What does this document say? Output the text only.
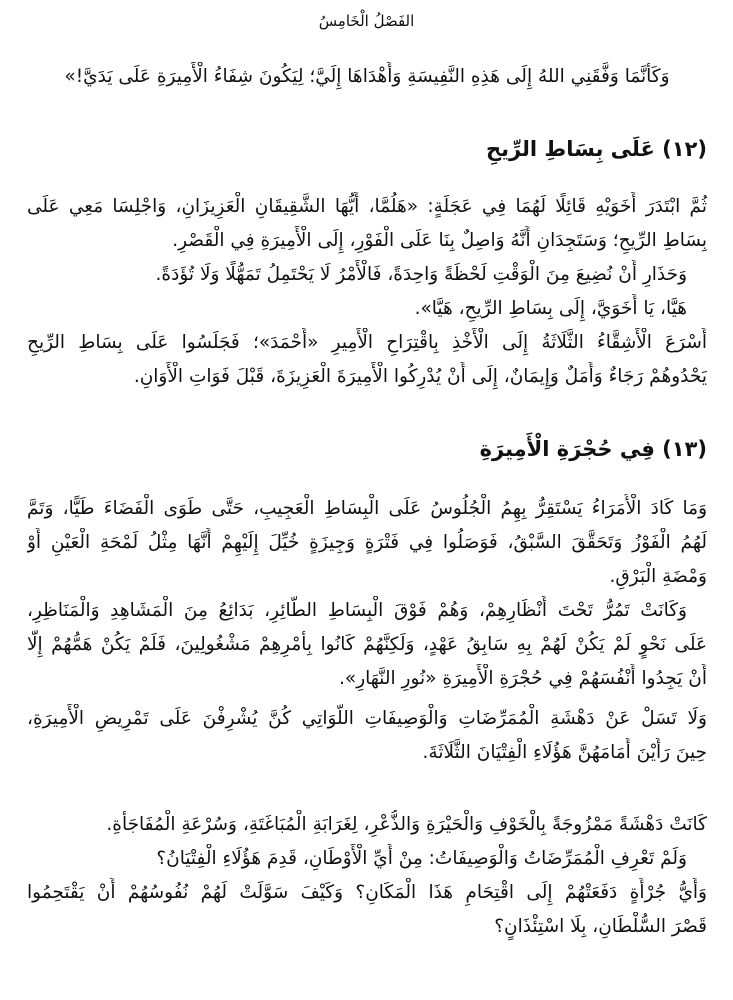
الفَصْلُ الْخَامِسُ
وَكَأَنَّمَا وَفَّقَنِي اللهُ إِلَى هَذِهِ النَّفِيسَةِ وَأَهْدَاهَا إِلَيَّ؛ لِيَكُونَ شِفَاءُ الْأَمِيرَةِ عَلَى يَدَيَّ!»
(١٢) عَلَى بِسَاطِ الرِّيحِ
ثُمَّ ابْتَدَرَ أَخَوَيْهِ قَائِلًا لَهُمَا فِي عَجَلَةٍ: «هَلُمَّا، أَيُّهَا الشَّقِيقَانِ الْعَزِيزَانِ، وَاجْلِسَا مَعِي عَلَى
بِسَاطِ الرِّيحِ؛ وَسَتَجِدَانِ أَنَّهُ وَاصِلٌ بِنَا عَلَى الْفَوْرِ، إِلَى الْأَمِيرَةِ فِي الْقَصْرِ.
وَحَذَارِ أَنْ نُضِيعَ مِنَ الْوَقْتِ لَحْظَةً وَاحِدَةً، فَالْأَمْرُ لَا يَحْتَمِلُ تَمَهُّلًا وَلَا تُؤَدَةً.
هَيَّا، يَا أَخَوَيَّ، إِلَى بِسَاطِ الرِّيحِ، هَيَّا».
أَسْرَعَ الْأَشِقَّاءُ الثَّلَاثَةُ إِلَى الْأَخْذِ بِاقْتِرَاحِ الْأَمِيرِ «أَحْمَدَ»؛ فَجَلَسُوا عَلَى بِسَاطِ الرِّيحِ
يَحْدُوهُمْ رَجَاءٌ وَأَمَلٌ وَإِيمَانٌ، إِلَى أَنْ يُدْرِكُوا الْأَمِيرَةَ الْعَزِيزَةَ، قَبْلَ فَوَاتِ الْأَوَانِ.
(١٣) فِي حُجْرَةِ الْأَمِيرَةِ
وَمَا كَادَ الْأُمَرَاءُ يَسْتَقِرُّ بِهِمُ الْجُلُوسُ عَلَى الْبِسَاطِ الْعَجِيبِ، حَتَّى طَوَى الْفَضَاءَ طَيًّا، وَتَمَّ
لَهُمُ الْفَوْزُ وَتَحَقَّقَ السَّبْقُ، فَوَصَلُوا فِي فَتْرَةٍ وَجِيزَةٍ خُيِّلَ إِلَيْهِمْ أَنَّهَا مِثْلُ لَمْحَةِ الْعَيْنِ أَوْ
وَمْضَةِ الْبَرْقِ.
وَكَانَتْ تَمُرُّ تَحْتَ أَنْظَارِهِمْ، وَهُمْ فَوْقَ الْبِسَاطِ الطَّائِرِ، بَدَائِعُ مِنَ الْمَشَاهِدِ وَالْمَنَاظِرِ،
عَلَى نَحْوٍ لَمْ يَكُنْ لَهُمْ بِهِ سَابِقُ عَهْدٍ، وَلَكِنَّهُمْ كَانُوا بِأَمْرِهِمْ مَشْغُولِينَ، فَلَمْ يَكُنْ هَمُّهُمْ إِلَّا
أَنْ يَجِدُوا أَنْفُسَهُمْ فِي حُجْرَةِ الْأَمِيرَةِ «نُورِ النَّهَارِ».
وَلَا تَسَلْ عَنْ دَهْشَةِ الْمُمَرِّضَاتِ وَالْوَصِيفَاتِ اللَّوَاتِي كُنَّ يُشْرِفْنَ عَلَى تَمْرِيضِ الْأَمِيرَةِ،
حِينَ رَأَيْنَ أَمَامَهُنَّ هَؤُلَاءِ الْفِتْيَانَ الثَّلَاثَةَ.
كَانَتْ دَهْشَةً مَمْزُوجَةً بِالْخَوْفِ وَالْحَيْرَةِ وَالذُّعْرِ، لِغَرَابَةِ الْمُبَاغَتَةِ، وَسُرْعَةِ الْمُفَاجَأَةِ.
وَلَمْ تَعْرِفِ الْمُمَرِّضَاتُ وَالْوَصِيفَاتُ: مِنْ أَيِّ الْأَوْطَانِ، قَدِمَ هَؤُلَاءِ الْفِتْيَانُ؟
وَأَيُّ جُرْأَةٍ دَفَعَتْهُمْ إِلَى اقْتِحَامِ هَذَا الْمَكَانِ؟ وَكَيْفَ سَوَّلَتْ لَهُمْ نُفُوسُهُمْ أَنْ يَقْتَحِمُوا
قَصْرَ السُّلْطَانِ، بِلَا اسْتِئْذَانٍ؟
